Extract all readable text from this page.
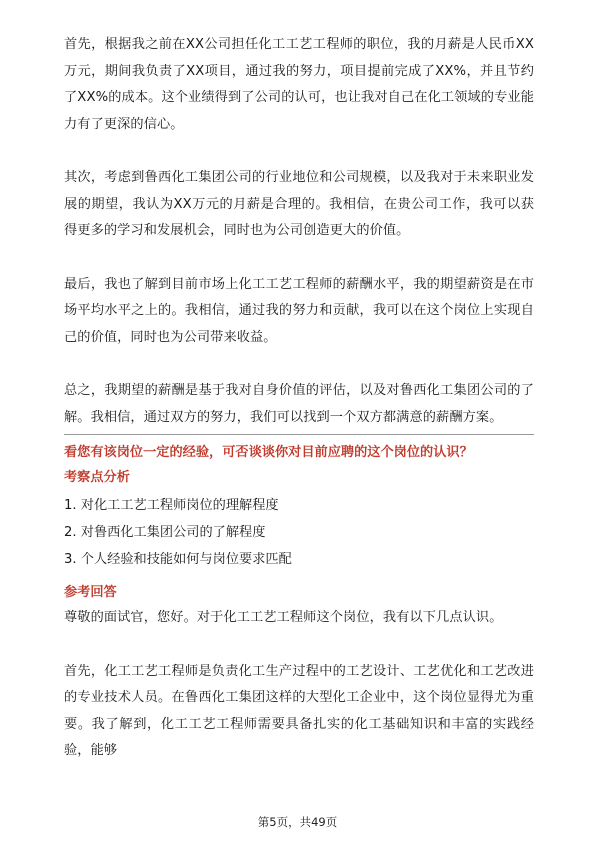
首先，根据我之前在XX公司担任化工工艺工程师的职位，我的月薪是人民币XX万元，期间我负责了XX项目，通过我的努力，项目提前完成了XX%，并且节约了XX%的成本。这个业绩得到了公司的认可，也让我对自己在化工领域的专业能力有了更深的信心。

其次，考虑到鲁西化工集团公司的行业地位和公司规模，以及我对于未来职业发展的期望，我认为XX万元的月薪是合理的。我相信，在贵公司工作，我可以获得更多的学习和发展机会，同时也为公司创造更大的价值。

最后，我也了解到目前市场上化工工艺工程师的薪酬水平，我的期望薪资是在市场平均水平之上的。我相信，通过我的努力和贡献，我可以在这个岗位上实现自己的价值，同时也为公司带来收益。

总之，我期望的薪酬是基于我对自身价值的评估，以及对鲁西化工集团公司的了解。我相信，通过双方的努力，我们可以找到一个双方都满意的薪酬方案。

看您有该岗位一定的经验，可否谈谈你对目前应聘的这个岗位的认识？

考察点分析

1. 对化工工艺工程师岗位的理解程度
2. 对鲁西化工集团公司的了解程度
3. 个人经验和技能如何与岗位要求匹配

参考回答

尊敬的面试官，您好。对于化工工艺工程师这个岗位，我有以下几点认识。

首先，化工工艺工程师是负责化工生产过程中的工艺设计、工艺优化和工艺改进的专业技术人员。在鲁西化工集团这样的大型化工企业中，这个岗位显得尤为重要。我了解到，化工工艺工程师需要具备扎实的化工基础知识和丰富的实践经验，能够

第5页，共49页
